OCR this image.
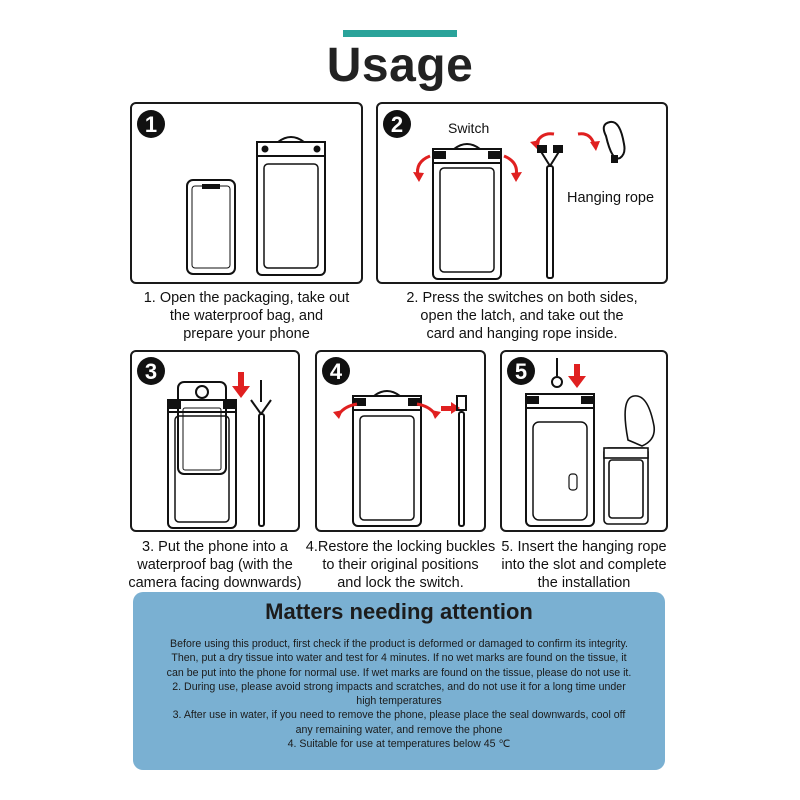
Usage
1
1. Open the packaging, take out
the waterproof bag, and
prepare your phone
2	Switch
Hanging rope
2. Press the switches on both sides,
open the latch, and take out the
card and hanging rope inside.
3
3. Put the phone into a
waterproof bag (with the
camera facing downwards)
4
4.Restore the locking buckles
to their original positions
and lock the switch.
5
5. Insert the hanging rope
into the slot and complete
the installation
Matters needing attention
Before using this product, first check if the product is deformed or damaged to confirm its integrity.
Then, put a dry tissue into water and test for 4 minutes. If no wet marks are found on the tissue, it
can be put into the phone for normal use. If wet marks are found on the tissue, please do not use it.
2. During use, please avoid strong impacts and scratches, and do not use it for a long time under
high temperatures
3. After use in water, if you need to remove the phone, please place the seal downwards, cool off
any remaining water, and remove the phone
4. Suitable for use at temperatures below 45 ℃
